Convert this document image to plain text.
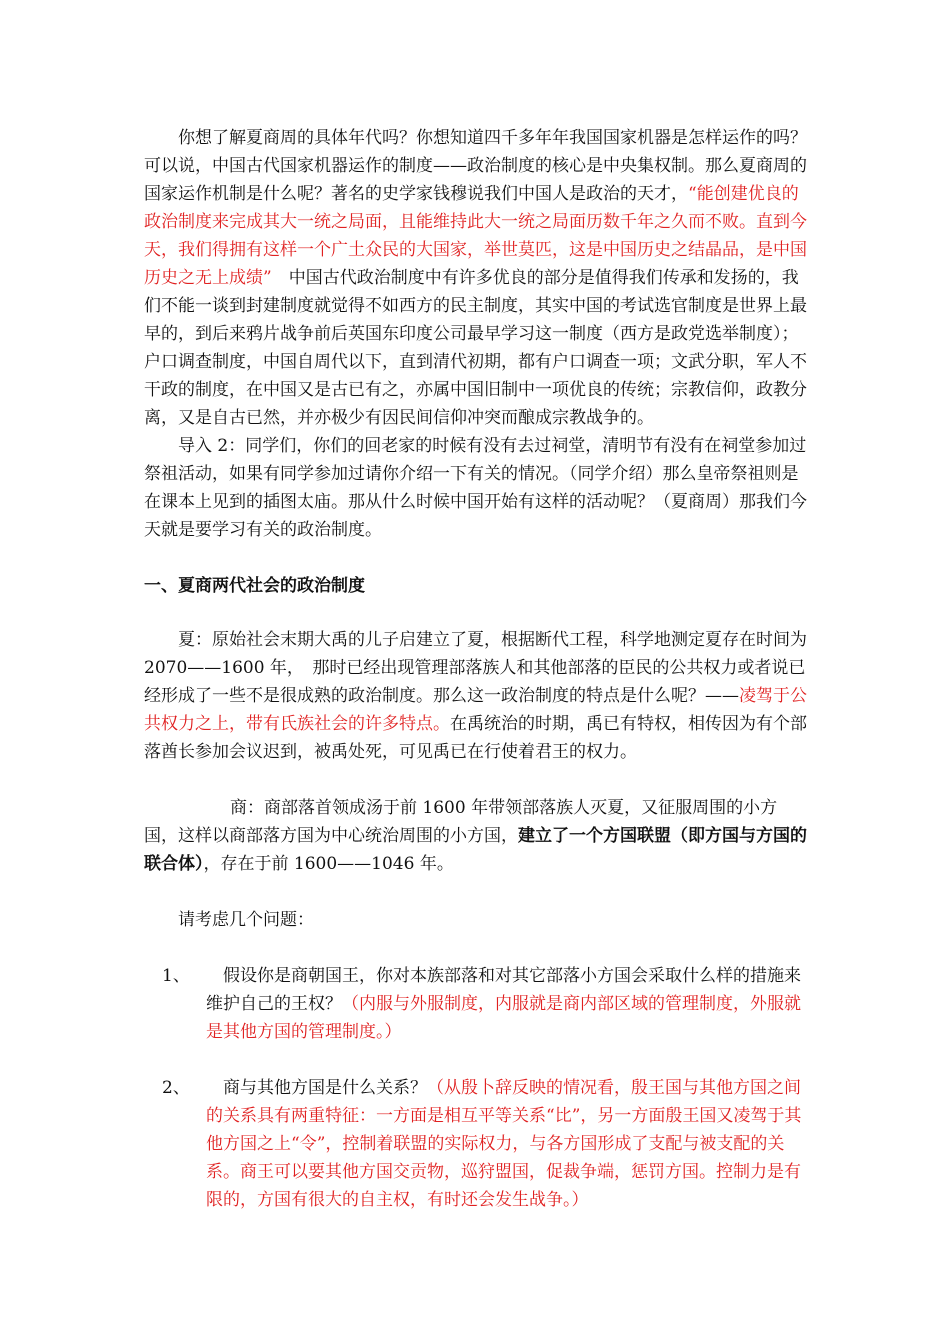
你想了解夏商周的具体年代吗？你想知道四千多年年我国国家机器是怎样运作的吗？　　可以说，中国古代国家机器运作的制度——政治制度的核心是中央集权制。那么夏商周的国家运作机制是什么呢？著名的史学家钱穆说我们中国人是政治的天才，“能创建优良的政治制度来完成其大一统之局面，且能维持此大一统之局面历数千年之久而不败。直到今天，我们得拥有这样一个广土众民的大国家，举世莫匹，这是中国历史之结晶品，是中国历史之无上成绩”　 中国古代政治制度中有许多优良的部分是值得我们传承和发扬的，我们不能一谈到封建制度就觉得不如西方的民主制度，其实中国的考试选官制度是世界上最早的，到后来鸦片战争前后英国东印度公司最早学习这一制度（西方是政党选举制度）；户口调查制度，中国自周代以下，直到清代初期，都有户口调查一项；文武分职，军人不干政的制度，在中国又是古已有之，亦属中国旧制中一项优良的传统；宗教信仰，政教分离，又是自古已然，并亦极少有因民间信仰冲突而酿成宗教战争的。

导入 2：同学们，你们的回老家的时候有没有去过祠堂，清明节有没有在祠堂参加过祭祖活动，如果有同学参加过请你介绍一下有关的情况。（同学介绍）那么皇帝祭祖则是在课本上见到的插图太庙。那从什么时候中国开始有这样的活动呢？（夏商周）那我们今天就是要学习有关的政治制度。

一、夏商两代社会的政治制度

夏：原始社会末期大禹的儿子启建立了夏，根据断代工程，科学地测定夏存在时间为 2070——1600 年，　那时已经出现管理部落族人和其他部落的臣民的公共权力或者说已经形成了一些不是很成熟的政治制度。那么这一政治制度的特点是什么呢？——凌驾于公共权力之上，带有氏族社会的许多特点。在禹统治的时期，禹已有特权，相传因为有个部落酋长参加会议迟到，被禹处死，可见禹已在行使着君王的权力。

商：商部落首领成汤于前 1600 年带领部落族人灭夏，又征服周围的小方国，这样以商部落方国为中心统治周围的小方国，建立了一个方国联盟（即方国与方国的联合体），存在于前 1600——1046 年。

请考虑几个问题：

1、

　	假设你是商朝国王，你对本族部落和对其它部落小方国会采取什么样的措施来维护自己的王权？（内服与外服制度，内服就是商内部区域的管理制度，外服就是其他方国的管理制度。）

2、

　	商与其他方国是什么关系？（从殷卜辞反映的情况看，殷王国与其他方国之间的关系具有两重特征：一方面是相互平等关系“比”，另一方面殷王国又凌驾于其他方国之上“令”，控制着联盟的实际权力，与各方国形成了支配与被支配的关系。商王可以要其他方国交贡物，巡狩盟国，促裁争端，惩罚方国。控制力是有限的，方国有很大的自主权，有时还会发生战争。）
